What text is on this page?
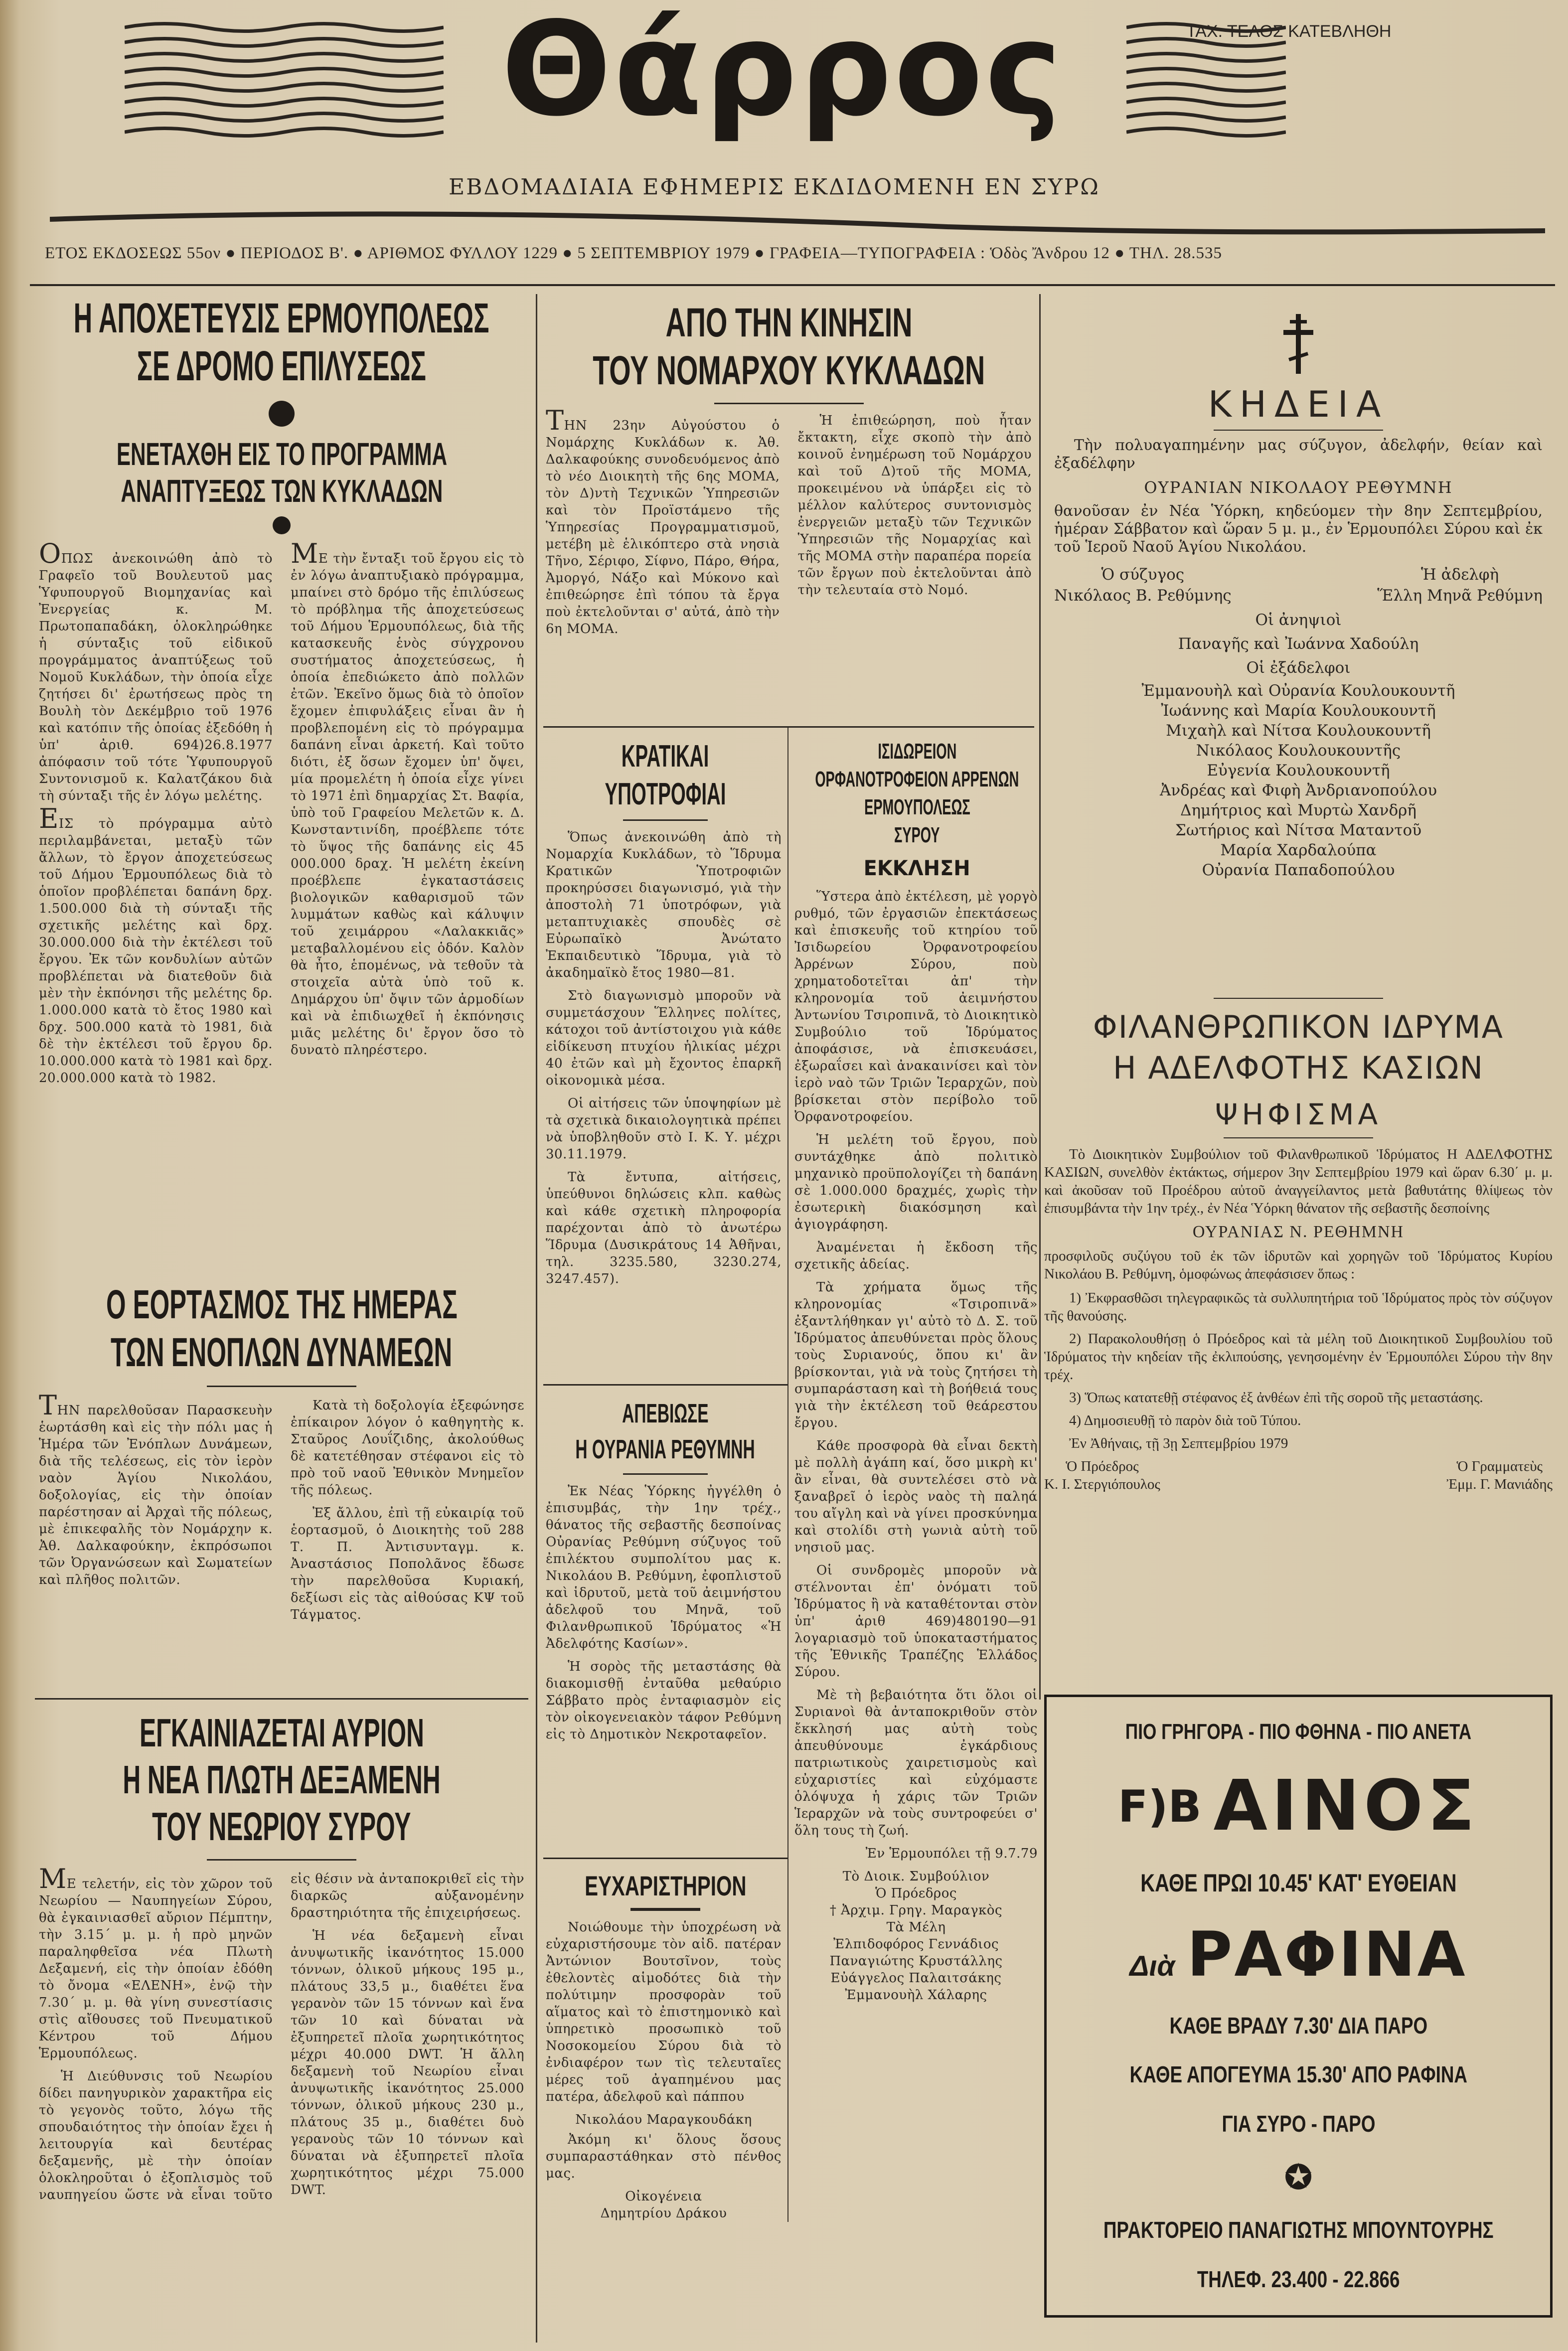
Θάρρος	ΤΑΧ. ΤΕΛΟΣ ΚΑΤΕΒΛΗΘΗ
ΕΒΔΟΜΑΔΙΑΙΑ ΕΦΗΜΕΡΙΣ ΕΚΔΙΔΟΜΕΝΗ ΕΝ ΣΥΡΩ
ΕΤΟΣ ΕΚΔΟΣΕΩΣ 55ον ● ΠΕΡΙΟΔΟΣ Β'. ● ΑΡΙΘΜΟΣ ΦΥΛΛΟΥ 1229 ● 5 ΣΕΠΤΕΜΒΡΙΟΥ 1979 ● ΓΡΑΦΕΙΑ—ΤΥΠΟΓΡΑΦΕΙΑ : Ὁδὸς Ἄνδρου 12 ● ΤΗΛ. 28.535
Η ΑΠΟΧΕΤΕΥΣΙΣ ΕΡΜΟΥΠΟΛΕΩΣ
ΣΕ ΔΡΟΜΟ ΕΠΙΛΥΣΕΩΣ
ΕΝΕΤΑΧΘΗ ΕΙΣ ΤΟ ΠΡΟΓΡΑΜΜΑ
ΑΝΑΠΤΥΞΕΩΣ ΤΩΝ ΚΥΚΛΑΔΩΝ

ΟΠΩΣ ἀνεκοινώθη ἀπὸ τὸ Γραφεῖο τοῦ Βουλευτοῦ μας Ὑφυπουργοῦ Βιομηχανίας καὶ Ἐνεργείας κ. Μ. Πρωτοπαπαδάκη, ὁλοκληρώθηκε ἡ σύνταξις τοῦ εἰδικοῦ προγράμματος ἀναπτύξεως τοῦ Νομοῦ Κυκλάδων, τὴν ὁποία εἶχε ζητήσει δι' ἐρωτήσεως πρὸς τη Βουλὴ τὸν Δεκέμβριο τοῦ 1976 καὶ κατόπιν τῆς ὁποίας ἐξεδόθη ἡ ὑπ' ἀριθ. 694)26.8.1977 ἀπόφασιν τοῦ τότε Ὑφυπουργοῦ Συντονισμοῦ κ. Καλατζάκου διὰ τὴ σύνταξι τῆς ἐν λόγω μελέτης.

ΕΙΣ τὸ πρόγραμμα αὐτὸ περιλαμβάνεται, μεταξὺ τῶν ἄλλων, τὸ ἔργον ἀποχετεύσεως τοῦ Δήμου Ἑρμουπόλεως διὰ τὸ ὁποῖον προβλέπεται δαπάνη δρχ. 1.500.000 διὰ τὴ σύνταξι τῆς σχετικῆς μελέτης καὶ δρχ. 30.000.000 διὰ τὴν ἐκτέλεσι τοῦ ἔργου. Ἐκ τῶν κονδυλίων αὐτῶν προβλέπεται νὰ διατεθοῦν διὰ μὲν τὴν ἐκπόνησι τῆς μελέτης δρ. 1.000.000 κατὰ τὸ ἔτος 1980 καὶ δρχ. 500.000 κατὰ τὸ 1981, διὰ δὲ τὴν ἐκτέλεσι τοῦ ἔργου δρ. 10.000.000 κατὰ τὸ 1981 καὶ δρχ. 20.000.000 κατὰ τὸ 1982.

ΜΕ τὴν ἔνταξι τοῦ ἔργου εἰς τὸ ἐν λόγω ἀναπτυξιακὸ πρόγραμμα, μπαίνει στὸ δρόμο τῆς ἐπιλύσεως τὸ πρόβλημα τῆς ἀποχετεύσεως τοῦ Δήμου Ἑρμουπόλεως, διὰ τῆς κατασκευῆς ἑνὸς σύγχρονου συστήματος ἀποχετεύσεως, ἡ ὁποία ἐπεδιώκετο ἀπὸ πολλῶν ἐτῶν. Ἐκεῖνο ὅμως διὰ τὸ ὁποῖον ἔχομεν ἐπιφυλάξεις εἶναι ἂν ἡ προβλεπομένη εἰς τὸ πρόγραμμα δαπάνη εἶναι ἀρκετή. Καὶ τοῦτο διότι, ἐξ ὅσων ἔχομεν ὑπ' ὄψει, μία προμελέτη ἡ ὁποία εἶχε γίνει τὸ 1971 ἐπὶ δημαρχίας Στ. Βαφία, ὑπὸ τοῦ Γραφείου Μελετῶν κ. Δ. Κωνσταντινίδη, προέβλεπε τότε τὸ ὕψος τῆς δαπάνης εἰς 45 000.000 δραχ. Ἡ μελέτη ἐκείνη προέβλεπε ἐγκαταστάσεις βιολογικῶν καθαρισμοῦ τῶν λυμμάτων καθὼς καὶ κάλυψιν τοῦ χειμάρρου «Λαλακκιᾶς» μεταβαλλομένου εἰς ὁδόν. Καλὸν θὰ ἦτο, ἑπομένως, νὰ τεθοῦν τὰ στοιχεῖα αὐτὰ ὑπὸ τοῦ κ. Δημάρχου ὑπ' ὄψιν τῶν ἁρμοδίων καὶ νὰ ἐπιδιωχθεῖ ἡ ἐκπόνησις μιᾶς μελέτης δι' ἔργον ὅσο τὸ δυνατὸ πληρέστερο.

Ο ΕΟΡΤΑΣΜΟΣ ΤΗΣ ΗΜΕΡΑΣ
ΤΩΝ ΕΝΟΠΛΩΝ ΔΥΝΑΜΕΩΝ

ΤΗΝ παρελθοῦσαν Παρασκευὴν ἑωρτάσθη καὶ εἰς τὴν πόλι μας ἡ Ἡμέρα τῶν Ἐνόπλων Δυνάμεων, διὰ τῆς τελέσεως, εἰς τὸν ἱερὸν ναὸν Ἁγίου Νικολάου, δοξολογίας, εἰς τὴν ὁποίαν παρέστησαν αἱ Ἀρχαὶ τῆς πόλεως, μὲ ἐπικεφαλῆς τὸν Νομάρχην κ. Ἀθ. Δαλκαφούκην, ἐκπρόσωποι τῶν Ὀργανώσεων καὶ Σωματείων καὶ πλῆθος πολιτῶν.

Κατὰ τὴ δοξολογία ἐξεφώνησε ἐπίκαιρον λόγον ὁ καθηγητὴς κ. Σταῦρος Λουΐζιδης, ἀκολούθως δὲ κατετέθησαν στέφανοι εἰς τὸ πρὸ τοῦ ναοῦ Ἐθνικὸν Μνημεῖον τῆς πόλεως.

Ἐξ ἄλλου, ἐπὶ τῇ εὐκαιρίᾳ τοῦ ἑορτασμοῦ, ὁ Διοικητὴς τοῦ 288 Τ. Π. Ἀντισυνταγμ. κ. Ἀναστάσιος Ποπολᾶνος ἔδωσε τὴν παρελθοῦσα Κυριακή, δεξίωσι εἰς τὰς αἰθούσας ΚΨ τοῦ Τάγματος.

ΕΓΚΑΙΝΙΑΖΕΤΑΙ ΑΥΡΙΟΝ
Η ΝΕΑ ΠΛΩΤΗ ΔΕΞΑΜΕΝΗ
ΤΟΥ ΝΕΩΡΙΟΥ ΣΥΡΟΥ

ΜΕ τελετήν, εἰς τὸν χῶρον τοῦ Νεωρίου — Ναυπηγείων Σύρου, θὰ ἐγκαινιασθεῖ αὔριον Πέμπτην, τὴν 3.15΄ μ. μ. ἡ πρὸ μηνῶν παραληφθεῖσα νέα Πλωτὴ Δεξαμενή, εἰς τὴν ὁποίαν ἐδόθη τὸ ὄνομα «ΕΛΕΝΗ», ἐνῷ τὴν 7.30΄ μ. μ. θὰ γίνη συνεστίασις στὶς αἴθουσες τοῦ Πνευματικοῦ Κέντρου τοῦ Δήμου Ἑρμουπόλεως.

Ἡ Διεύθυνσις τοῦ Νεωρίου δίδει πανηγυρικὸν χαρακτῆρα εἰς τὸ γεγονὸς τοῦτο, λόγω τῆς σπουδαιότητος τὴν ὁποίαν ἔχει ἡ λειτουργία καὶ δευτέρας δεξαμενῆς, μὲ τὴν ὁποίαν ὁλοκληροῦται ὁ ἐξοπλισμὸς τοῦ ναυπηγείου ὥστε νὰ εἶναι τοῦτο εἰς θέσιν νὰ ἀνταποκριθεῖ εἰς τὴν διαρκῶς αὐξανομένην δραστηριότητα τῆς ἐπιχειρήσεως.

Ἡ νέα δεξαμενὴ εἶναι ἀνυψωτικῆς ἱκανότητος 15.000 τόννων, ὁλικοῦ μήκους 195 μ., πλάτους 33,5 μ., διαθέτει ἕνα γερανὸν τῶν 15 τόννων καὶ ἕνα τῶν 10 καὶ δύναται νὰ ἐξυπηρετεῖ πλοῖα χωρητικότητος μέχρι 40.000 DWT. Ἡ ἄλλη δεξαμενὴ τοῦ Νεωρίου εἶναι ἀνυψωτικῆς ἱκανότητος 25.000 τόννων, ὁλικοῦ μήκους 230 μ., πλάτους 35 μ., διαθέτει δυὸ γερανοὺς τῶν 10 τόννων καὶ δύναται νὰ ἐξυπηρετεῖ πλοῖα χωρητικότητος μέχρι 75.000 DWT.

ΑΠΟ ΤΗΝ ΚΙΝΗΣΙΝ
ΤΟΥ ΝΟΜΑΡΧΟΥ ΚΥΚΛΑΔΩΝ

ΤΗΝ 23ην Αὐγούστου ὁ Νομάρχης Κυκλάδων κ. Ἀθ. Δαλκαφούκης συνοδευόμενος ἀπὸ τὸ νέο Διοικητὴ τῆς 6ης ΜΟΜΑ, τὸν Δ)ντὴ Τεχνικῶν Ὑπηρεσιῶν καὶ τὸν Προϊστάμενο τῆς Ὑπηρεσίας Προγραμματισμοῦ, μετέβη μὲ ἑλικόπτερο στὰ νησιὰ Τῆνο, Σέριφο, Σίφνο, Πάρο, Θήρα, Ἀμοργό, Νάξο καὶ Μύκονο καὶ ἐπιθεώρησε ἐπὶ τόπου τὰ ἔργα ποὺ ἐκτελοῦνται σ' αὐτά, ἀπὸ τὴν 6η ΜΟΜΑ.

Ἡ ἐπιθεώρηση, ποὺ ἦταν ἔκτακτη, εἶχε σκοπὸ τὴν ἀπὸ κοινοῦ ἐνημέρωση τοῦ Νομάρχου καὶ τοῦ Δ)τοῦ τῆς ΜΟΜΑ, προκειμένου νὰ ὑπάρξει εἰς τὸ μέλλον καλύτερος συντονισμὸς ἐνεργειῶν μεταξὺ τῶν Τεχνικῶν Ὑπηρεσιῶν τῆς Νομαρχίας καὶ τῆς ΜΟΜΑ στὴν παραπέρα πορεία τῶν ἔργων ποὺ ἐκτελοῦνται ἀπὸ τὴν τελευταία στὸ Νομό.

ΚΡΑΤΙΚΑΙ
ΥΠΟΤΡΟΦΙΑΙ

Ὅπως ἀνεκοινώθη ἀπὸ τὴ Νομαρχία Κυκλάδων, τὸ Ἵδρυμα Κρατικῶν Ὑποτροφιῶν προκηρύσσει διαγωνισμό, γιὰ τὴν ἀποστολὴ 71 ὑποτρόφων, γιὰ μεταπτυχιακὲς σπουδὲς σὲ Εὐρωπαϊκὸ Ἀνώτατο Ἐκπαιδευτικὸ Ἵδρυμα, γιὰ τὸ ἀκαδημαϊκὸ ἔτος 1980—81.

Στὸ διαγωνισμὸ μποροῦν νὰ συμμετάσχουν Ἕλληνες πολίτες, κάτοχοι τοῦ ἀντίστοιχου γιὰ κάθε εἰδίκευση πτυχίου ἡλικίας μέχρι 40 ἐτῶν καὶ μὴ ἔχοντος ἐπαρκῆ οἰκονομικὰ μέσα.

Οἱ αἰτήσεις τῶν ὑποψηφίων μὲ τὰ σχετικὰ δικαιολογητικὰ πρέπει νὰ ὑποβληθοῦν στὸ Ι. Κ. Υ. μέχρι 30.11.1979.

Τὰ ἔντυπα, αἰτήσεις, ὑπεύθυνοι δηλώσεις κλπ. καθὼς καὶ κάθε σχετικὴ πληροφορία παρέχονται ἀπὸ τὸ ἀνωτέρω Ἵδρυμα (Δυσικράτους 14 Ἀθῆναι, τηλ. 3235.580, 3230.274, 3247.457).

ΑΠΕΒΙΩΣΕ
Η ΟΥΡΑΝΙΑ ΡΕΘΥΜΝΗ

Ἐκ Νέας Ὑόρκης ἠγγέλθη ὁ ἐπισυμβάς, τὴν 1ην τρέχ., θάνατος τῆς σεβαστῆς δεσποίνας Οὐρανίας Ρεθύμνη σύζυγος τοῦ ἐπιλέκτου συμπολίτου μας κ. Νικολάου Β. Ρεθύμνη, ἐφοπλιστοῦ καὶ ἱδρυτοῦ, μετὰ τοῦ ἀειμνήστου ἀδελφοῦ του Μηνᾶ, τοῦ Φιλανθρωπικοῦ Ἱδρύματος «Ἡ Ἀδελφότης Κασίων».

Ἡ σορὸς τῆς μεταστάσης θὰ διακομισθῇ ἐνταῦθα μεθαύριο Σάββατο πρὸς ἐνταφιασμὸν εἰς τὸν οἰκογενειακὸν τάφον Ρεθύμνη εἰς τὸ Δημοτικὸν Νεκροταφεῖον.

ΕΥΧΑΡΙΣΤΗΡΙΟΝ

Νοιώθουμε τὴν ὑποχρέωση νὰ εὐχαριστήσουμε τὸν αἰδ. πατέραν Ἀντώνιον Βουτσῖνον, τοὺς ἐθελοντὲς αἱμοδότες διὰ τὴν πολύτιμην προσφορὰν τοῦ αἵματος καὶ τὸ ἐπιστημονικὸ καὶ ὑπηρετικὸ προσωπικὸ τοῦ Νοσοκομείου Σύρου διὰ τὸ ἐνδιαφέρον των τὶς τελευταῖες μέρες τοῦ ἀγαπημένου μας πατέρα, ἀδελφοῦ καὶ πάππου

Νικολάου Μαραγκουδάκη

Ἀκόμη κι' ὅλους ὅσους συμπαραστάθηκαν στὸ πένθος μας.

Οἰκογένεια

Δημητρίου Δράκου

ΙΣΙΔΩΡΕΙΟΝ
ΟΡΦΑΝΟΤΡΟΦΕΙΟΝ ΑΡΡΕΝΩΝ
ΕΡΜΟΥΠΟΛΕΩΣ
ΣΥΡΟΥ
ΕΚΚΛΗΣΗ

Ὕστερα ἀπὸ ἐκτέλεση, μὲ γοργὸ ρυθμό, τῶν ἐργασιῶν ἐπεκτάσεως καὶ ἐπισκευῆς τοῦ κτηρίου τοῦ Ἰσιδωρείου Ὀρφανοτροφείου Ἀρρένων Σύρου, ποὺ χρηματοδοτεῖται ἀπ' τὴν κληρονομία τοῦ ἀειμνήστου Ἀντωνίου Τσιροπινᾶ, τὸ Διοικητικὸ Συμβούλιο τοῦ Ἱδρύματος ἀποφάσισε, νὰ ἐπισκευάσει, ἐξωραΐσει καὶ ἀνακαινίσει καὶ τὸν ἱερὸ ναὸ τῶν Τριῶν Ἱεραρχῶν, ποὺ βρίσκεται στὸν περίβολο τοῦ Ὀρφανοτροφείου.

Ἡ μελέτη τοῦ ἔργου, ποὺ συντάχθηκε ἀπὸ πολιτικὸ μηχανικὸ προϋπολογίζει τὴ δαπάνη σὲ 1.000.000 δραχμές, χωρὶς τὴν ἐσωτερικὴ διακόσμηση καὶ ἁγιογράφηση.

Ἀναμένεται ἡ ἔκδοση τῆς σχετικῆς ἀδείας.

Τὰ χρήματα ὅμως τῆς κληρονομίας «Τσιροπινᾶ» ἐξαντλήθηκαν γι' αὐτὸ τὸ Δ. Σ. τοῦ Ἱδρύματος ἀπευθύνεται πρὸς ὅλους τοὺς Συριανούς, ὅπου κι' ἂν βρίσκονται, γιὰ νὰ τοὺς ζητήσει τὴ συμπαράσταση καὶ τὴ βοήθειά τους γιὰ τὴν ἐκτέλεση τοῦ θεάρεστου ἔργου.

Κάθε προσφορὰ θὰ εἶναι δεκτὴ μὲ πολλὴ ἀγάπη καί, ὅσο μικρὴ κι' ἂν εἶναι, θὰ συντελέσει στὸ νὰ ξαναβρεῖ ὁ ἱερὸς ναὸς τὴ παληά του αἴγλη καὶ νὰ γίνει προσκύνημα καὶ στολίδι στὴ γωνιὰ αὐτὴ τοῦ νησιοῦ μας.

Οἱ συνδρομὲς μποροῦν νὰ στέλνονται ἐπ' ὀνόματι τοῦ Ἱδρύματος ἢ νὰ καταθέτονται στὸν ὑπ' ἀριθ 469)480190—91 λογαριασμὸ τοῦ ὑποκαταστήματος τῆς Ἐθνικῆς Τραπέζης Ἑλλάδος Σύρου.

Μὲ τὴ βεβαιότητα ὅτι ὅλοι οἱ Συριανοὶ θὰ ἀνταποκριθοῦν στὸν ἔκκλησή μας αὐτὴ τοὺς ἀπευθύνουμε ἐγκάρδιους πατριωτικοὺς χαιρετισμοὺς καὶ εὐχαριστίες καὶ εὐχόμαστε ὁλόψυχα ἡ χάρις τῶν Τριῶν Ἱεραρχῶν νὰ τοὺς συντροφεύει σ' ὅλη τους τὴ ζωή.

Ἐν Ἑρμουπόλει τῇ 9.7.79

Τὸ Διοικ. Συμβούλιον

Ὁ Πρόεδρος

† Ἀρχιμ. Γρηγ. Μαραγκὸς

Τὰ Μέλη

Ἐλπιδοφόρος Γεννάδιος

Παναγιώτης Κρυστάλλης

Εὐάγγελος Παλαιτσάκης

Ἐμμανουὴλ Χάλαρης

ΚΗΔΕΙΑ

Τὴν πολυαγαπημένην μας σύζυγον, ἀδελφήν, θείαν καὶ ἐξαδέλφην

ΟΥΡΑΝΙΑΝ ΝΙΚΟΛΑΟΥ ΡΕΘΥΜΝΗ

θανοῦσαν ἐν Νέα Ὑόρκη, κηδεύομεν τὴν 8ην Σεπτεμβρίου, ἡμέραν Σάββατον καὶ ὥραν 5 μ. μ., ἐν Ἑρμουπόλει Σύρου καὶ ἐκ τοῦ Ἱεροῦ Ναοῦ Ἁγίου Νικολάου.

Ὁ σύζυγος
Νικόλαος Β. Ρεθύμνης
Ἡ ἀδελφὴ
Ἕλλη Μηνᾶ Ρεθύμνη
Οἱ ἀνηψιοὶ
Παναγῆς καὶ Ἰωάννα Χαδούλη
Οἱ ἐξάδελφοι
Ἐμμανουὴλ καὶ Οὐρανία Κουλουκουντῆ
Ἰωάννης καὶ Μαρία Κουλουκουντῆ
Μιχαὴλ καὶ Νίτσα Κουλουκουντῆ
Νικόλαος Κουλουκουντῆς
Εὐγενία Κουλουκουντῆ
Ἀνδρέας καὶ Φιφὴ Ἀνδριανοπούλου
Δημήτριος καὶ Μυρτὼ Χανδρῆ
Σωτήριος καὶ Νίτσα Ματαντοῦ
Μαρία Χαρδαλούπα
Οὐρανία Παπαδοπούλου
ΦΙΛΑΝΘΡΩΠΙΚΟΝ ΙΔΡΥΜΑ
Η ΑΔΕΛΦΟΤΗΣ ΚΑΣΙΩΝ
ΨΗΦΙΣΜΑ

Τὸ Διοικητικὸν Συμβούλιον τοῦ Φιλανθρωπικοῦ Ἱδρύματος Η ΑΔΕΛΦΟΤΗΣ ΚΑΣΙΩΝ, συνελθὸν ἐκτάκτως, σήμερον 3ην Σεπτεμβρίου 1979 καὶ ὥραν 6.30΄ μ. μ. καὶ ἀκοῦσαν τοῦ Προέδρου αὐτοῦ ἀναγγείλαντος μετὰ βαθυτάτης θλίψεως τὸν ἐπισυμβάντα τὴν 1ην τρέχ., ἐν Νέα Ὑόρκη θάνατον τῆς σεβαστῆς δεσποίνης

ΟΥΡΑΝΙΑΣ Ν. ΡΕΘΗΜΝΗ

προσφιλοῦς συζύγου τοῦ ἐκ τῶν ἱδρυτῶν καὶ χορηγῶν τοῦ Ἱδρύματος Κυρίου Νικολάου Β. Ρεθύμνη, ὁμοφώνως ἀπεφάσισεν ὅπως :

1) Ἐκφρασθῶσι τηλεγραφικῶς τὰ συλλυπητήρια τοῦ Ἱδρύματος πρὸς τὸν σύζυγον τῆς θανούσης.

2) Παρακολουθήσῃ ὁ Πρόεδρος καὶ τὰ μέλη τοῦ Διοικητικοῦ Συμβουλίου τοῦ Ἱδρύματος τὴν κηδείαν τῆς ἐκλιπούσης, γενησομένην ἐν Ἑρμουπόλει Σύρου τὴν 8ην τρέχ.

3) Ὅπως κατατεθῇ στέφανος ἐξ ἀνθέων ἐπὶ τῆς σοροῦ τῆς μεταστάσης.

4) Δημοσιευθῇ τὸ παρὸν διὰ τοῦ Τύπου.

Ἐν Ἀθήναις, τῇ 3ῃ Σεπτεμβρίου 1979

Ὁ Πρόεδρος
Κ. Ι. Στεργιόπουλος
Ὁ Γραμματεὺς
Ἐμμ. Γ. Μανιάδης
ΠΙΟ ΓΡΗΓΟΡΑ - ΠΙΟ ΦΘΗΝΑ - ΠΙΟ ΑΝΕΤΑ
F)B ΑΙΝΟΣ
ΚΑΘΕ ΠΡΩΙ 10.45' ΚΑΤ' ΕΥΘΕΙΑΝ
Διὰ ΡΑΦΙΝΑ
ΚΑΘΕ ΒΡΑΔΥ 7.30' ΔΙΑ ΠΑΡΟ
ΚΑΘΕ ΑΠΟΓΕΥΜΑ 15.30' ΑΠΟ ΡΑΦΙΝΑ
ΓΙΑ ΣΥΡΟ - ΠΑΡΟ
✪
ΠΡΑΚΤΟΡΕΙΟ ΠΑΝΑΓΙΩΤΗΣ ΜΠΟΥΝΤΟΥΡΗΣ
ΤΗΛΕΦ. 23.400 - 22.866
